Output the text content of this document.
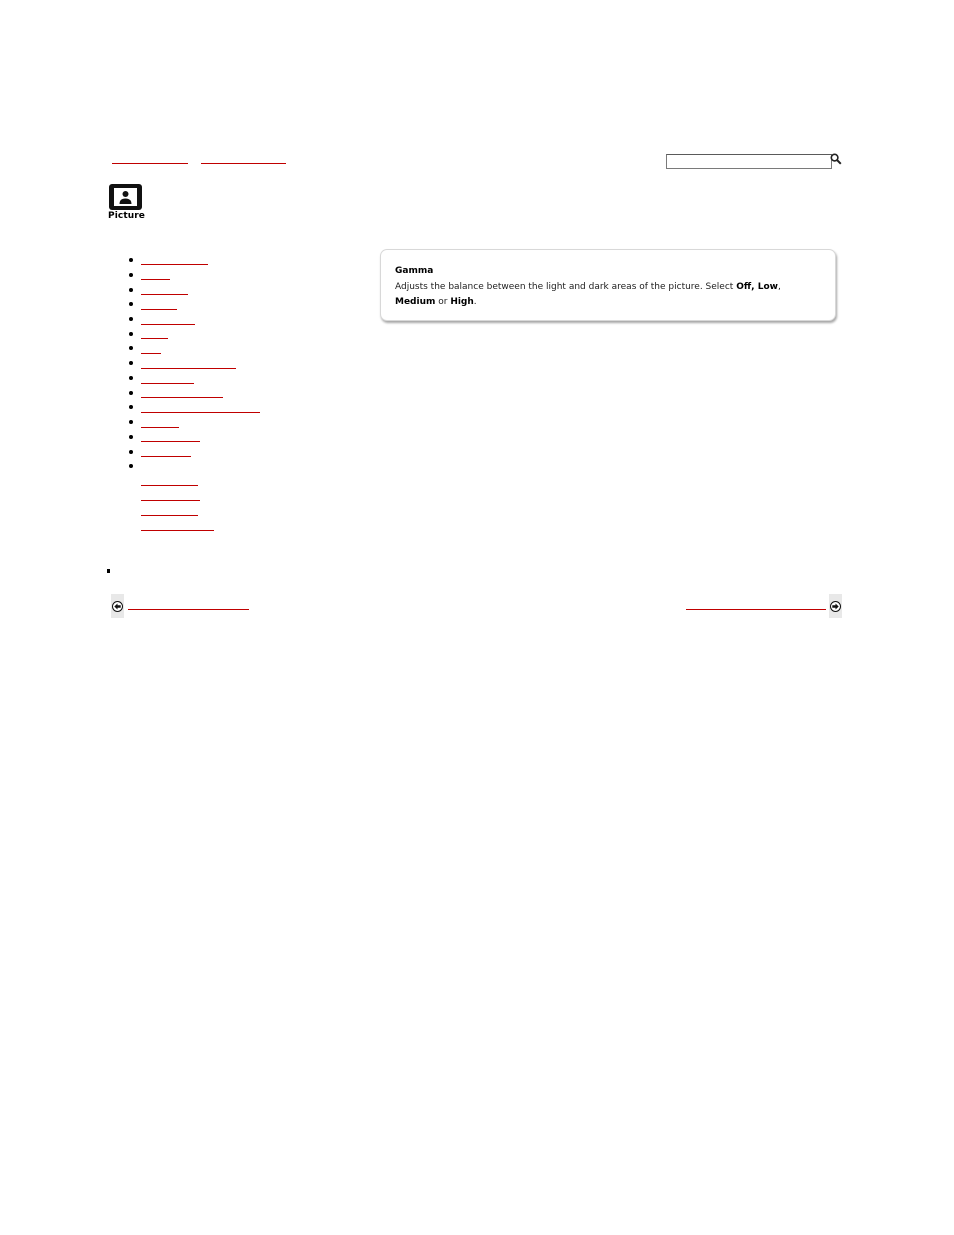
Picture
Gamma
Adjusts the balance between the light and dark areas of the picture. Select Off, Low,
Medium or High.
